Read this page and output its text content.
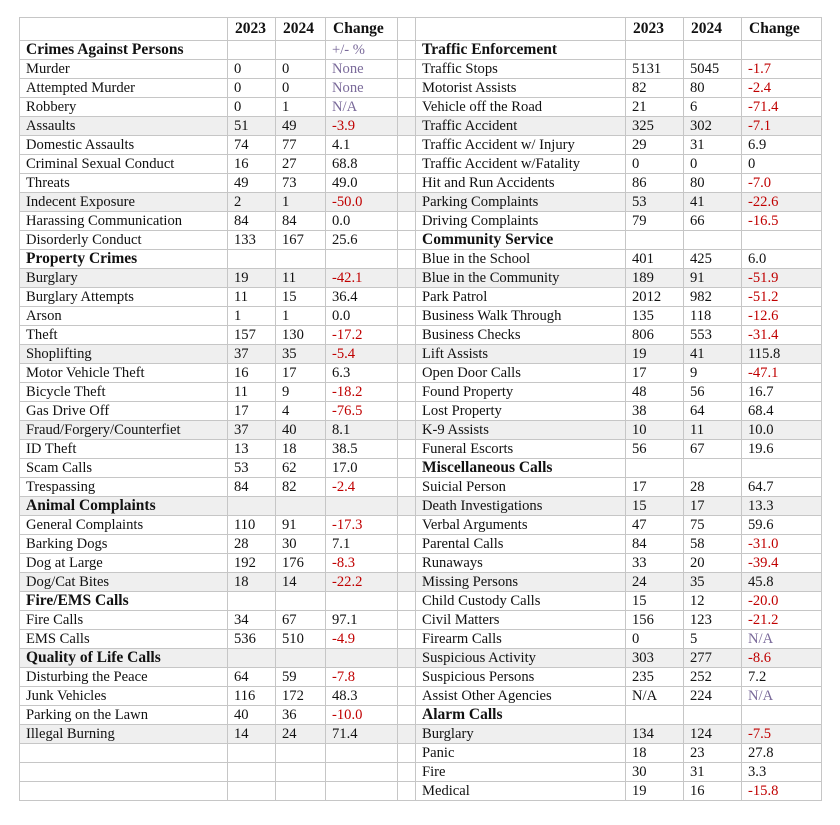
	2023	2024	Change			2023	2024	Change
Crimes Against Persons			+/- %		Traffic Enforcement			
Murder	0	0	None		Traffic Stops	5131	5045	-1.7
Attempted Murder	0	0	None		Motorist Assists	82	80	-2.4
Robbery	0	1	N/A		Vehicle off the Road	21	6	-71.4
Assaults	51	49	-3.9		Traffic Accident	325	302	-7.1
Domestic Assaults	74	77	4.1		Traffic Accident w/ Injury	29	31	6.9
Criminal Sexual Conduct	16	27	68.8		Traffic Accident w/Fatality	0	0	0
Threats	49	73	49.0		Hit and Run Accidents	86	80	-7.0
Indecent Exposure	2	1	-50.0		Parking Complaints	53	41	-22.6
Harassing Communication	84	84	0.0		Driving Complaints	79	66	-16.5
Disorderly Conduct	133	167	25.6		Community Service			
Property Crimes					Blue in the School	401	425	6.0
Burglary	19	11	-42.1		Blue in the Community	189	91	-51.9
Burglary Attempts	11	15	36.4		Park Patrol	2012	982	-51.2
Arson	1	1	0.0		Business Walk Through	135	118	-12.6
Theft	157	130	-17.2		Business Checks	806	553	-31.4
Shoplifting	37	35	-5.4		Lift Assists	19	41	115.8
Motor Vehicle Theft	16	17	6.3		Open Door Calls	17	9	-47.1
Bicycle Theft	11	9	-18.2		Found Property	48	56	16.7
Gas Drive Off	17	4	-76.5		Lost Property	38	64	68.4
Fraud/Forgery/Counterfiet	37	40	8.1		K-9 Assists	10	11	10.0
ID Theft	13	18	38.5		Funeral Escorts	56	67	19.6
Scam Calls	53	62	17.0		Miscellaneous Calls			
Trespassing	84	82	-2.4		Suicial Person	17	28	64.7
Animal Complaints					Death Investigations	15	17	13.3
General Complaints	110	91	-17.3		Verbal Arguments	47	75	59.6
Barking Dogs	28	30	7.1		Parental Calls	84	58	-31.0
Dog at Large	192	176	-8.3		Runaways	33	20	-39.4
Dog/Cat Bites	18	14	-22.2		Missing Persons	24	35	45.8
Fire/EMS Calls					Child Custody Calls	15	12	-20.0
Fire Calls	34	67	97.1		Civil Matters	156	123	-21.2
EMS Calls	536	510	-4.9		Firearm Calls	0	5	N/A
Quality of Life Calls					Suspicious Activity	303	277	-8.6
Disturbing the Peace	64	59	-7.8		Suspicious Persons	235	252	7.2
Junk Vehicles	116	172	48.3		Assist Other Agencies	N/A	224	N/A
Parking on the Lawn	40	36	-10.0		Alarm Calls			
Illegal Burning	14	24	71.4		Burglary	134	124	-7.5
					Panic	18	23	27.8
					Fire	30	31	3.3
					Medical	19	16	-15.8
